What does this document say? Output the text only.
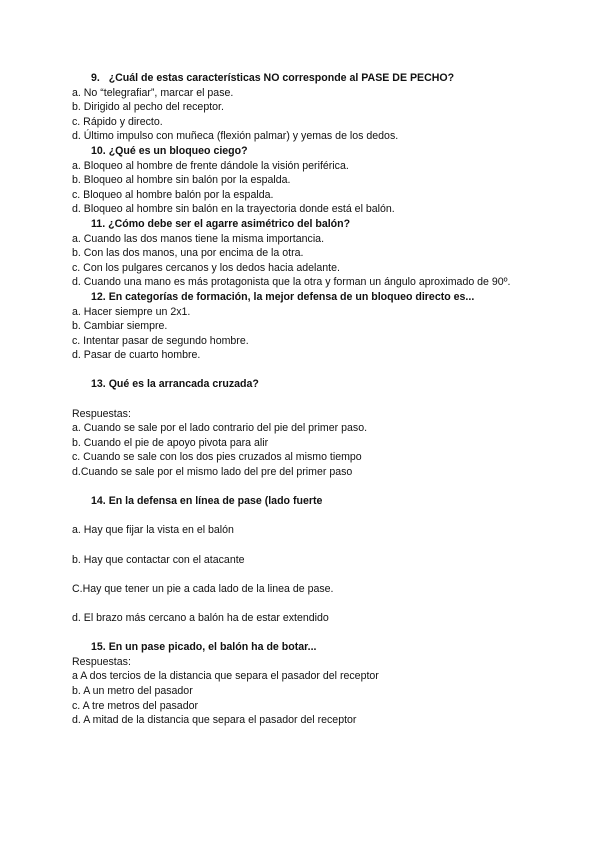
9. ¿Cuál de estas características NO corresponde al PASE DE PECHO?
a. No “telegrafiar”, marcar el pase.
b. Dirigido al pecho del receptor.
c. Rápido y directo.
d. Último impulso con muñeca (flexión palmar) y yemas de los dedos.
10. ¿Qué es un bloqueo ciego?
a. Bloqueo al hombre de frente dándole la visión periférica.
b. Bloqueo al hombre sin balón por la espalda.
c. Bloqueo al hombre balón por la espalda.
d. Bloqueo al hombre sin balón en la trayectoria donde está el balón.
11. ¿Cómo debe ser el agarre asimétrico del balón?
a. Cuando las dos manos tiene la misma importancia.
b. Con las dos manos, una por encima de la otra.
c. Con los pulgares cercanos y los dedos hacia adelante.
d. Cuando una mano es más protagonista que la otra y forman un ángulo aproximado de 90º.
12. En categorías de formación, la mejor defensa de un bloqueo directo es...
a. Hacer siempre un 2x1.
b. Cambiar siempre.
c. Intentar pasar de segundo hombre.
d. Pasar de cuarto hombre.
13. Qué es la arrancada cruzada?
Respuestas:
a. Cuando se sale por el lado contrario del pie del primer paso.
b. Cuando el pie de apoyo pivota para alir
c. Cuando se sale con los dos pies cruzados al mismo tiempo
d.Cuando se sale por el mismo lado del pre del primer paso
14. En la defensa en línea de pase (lado fuerte
a. Hay que fijar la vista en el balón
b. Hay que contactar con el atacante
C.Hay que tener un pie a cada lado de la linea de pase.
d. El brazo más cercano a balón ha de estar extendido
15. En un pase picado, el balón ha de botar...
Respuestas:
a A dos tercios de la distancia que separa el pasador del receptor
b. A un metro del pasador
c. A tre metros del pasador
d. A mitad de la distancia que separa el pasador del receptor
